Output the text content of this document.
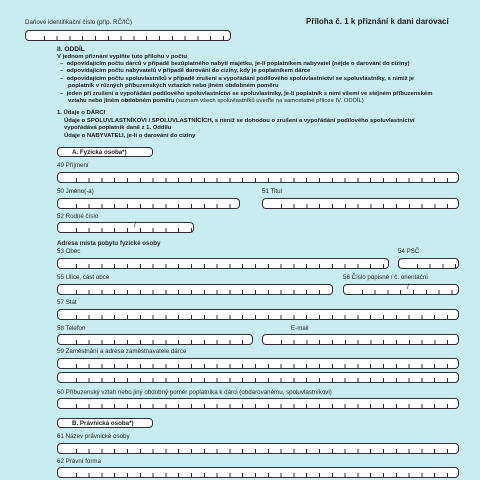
Daňové identifikační číslo (příp. RČ/IČ)	Příloha č. 1 k přiznání k dani darovací
II. ODDÍL
V jednom přiznání vyplňte tuto přílohu v počtu
–  odpovídajícím počtu dárců v případě bezúplatného nabytí majetku, je-li poplatníkem nabyvatel (nejde o darování do ciziny)
–  odpovídajícím počtu nabyvatelů v případě darování do ciziny, kdy je poplatníkem dárce
–  odpovídajícím počtu spoluvlastníků v případě zrušení a vypořádání podílového spoluvlastnictví se spoluvlastníky, s nimiž je
poplatník v různých příbuzenských vztazích nebo jiném obdobném poměru
–  jeden při zrušení a vypořádání podílového spoluvlastnictví se spoluvlastníky, je-li poplatník s nimi všemi ve stejném příbuzenském
vztahu nebo jiném obdobném poměru (seznam všech spoluvlastníků uveďte na samostatné příloze IV. ODDÍL)
1. Údaje o DÁRCI
Údaje o SPOLUVLASTNÍKOVI / SPOLUVLASTNÍCÍCH, s nimiž se dohodou o zrušení a vypořádání podílového spoluvlastnictví
vypořádává poplatník daně z 1. Oddílu
Údaje o NABYVATELI, je-li o darování do ciziny
A. Fyzická osoba*)
49 Příjmení
50 Jméno(-a)	51 Titul
52 Rodné číslo
/
Adresa místa pobytu fyzické osoby
53 Obec	54 PSČ
55 Ulice, část obce	56 Číslo popisné / č. orientační
/
57 Stát
58 Telefon	E-mail
59 Zaměstnání a adresa zaměstnavatele dárce
60 Příbuzenský vztah nebo jiný obdobný poměr poplatníka k dárci (obdarovanému, spoluvlastníkovi)
B. Právnická osoba*)
61 Název právnické osoby
62 Právní forma
